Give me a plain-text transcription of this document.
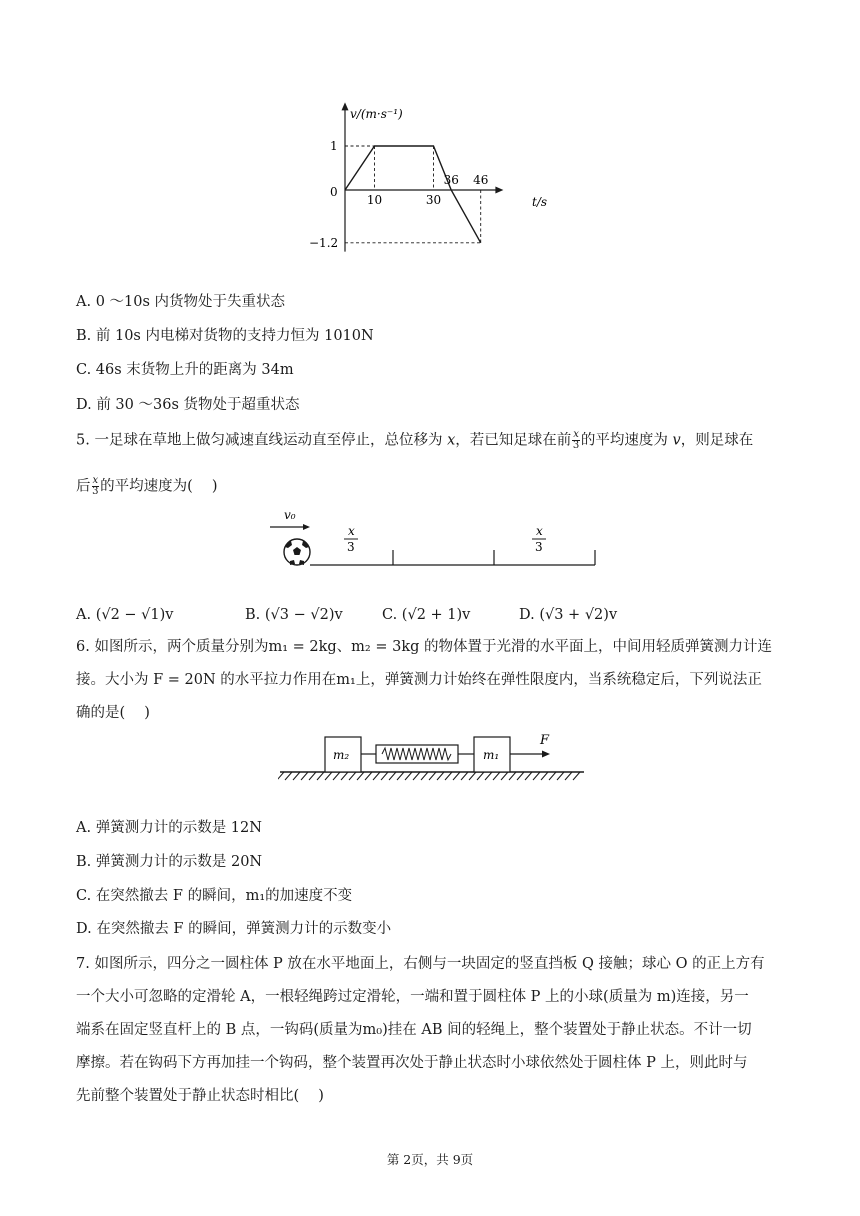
10	30
36 46
1
0
−1.2
v/(m·s⁻¹)
t/s
A. 0 ～10s 内货物处于失重状态
B. 前 10s 内电梯对货物的支持力恒为 1010N
C. 46s 末货物上升的距离为 34m
D. 前 30 ～36s 货物处于超重状态
5. 一足球在草地上做匀减速直线运动直至停止，总位移为 x，若已知足球在前 $\frac{x}{3}$ 的平均速度为 v，则足球在
后 $\frac{x}{3}$ 的平均速度为(　 )
v₀
x
3
x
3
A. (√2 − √1)v	B. (√3 − √2)v	C. (√2 + 1)v	D. (√3 + √2)v
6. 如图所示，两个质量分别为m₁ = 2kg、m₂ = 3kg 的物体置于光滑的水平面上，中间用轻质弹簧测力计连
接。大小为 F = 20N 的水平拉力作用在m₁上，弹簧测力计始终在弹性限度内，当系统稳定后，下列说法正
确的是(　 )
m₂	m₁
F
A. 弹簧测力计的示数是 12N
B. 弹簧测力计的示数是 20N
C. 在突然撤去 F 的瞬间，m₁的加速度不变
D. 在突然撤去 F 的瞬间，弹簧测力计的示数变小
7. 如图所示，四分之一圆柱体 P 放在水平地面上，右侧与一块固定的竖直挡板 Q 接触；球心 O 的正上方有
一个大小可忽略的定滑轮 A，一根轻绳跨过定滑轮，一端和置于圆柱体 P 上的小球(质量为 m)连接，另一
端系在固定竖直杆上的 B 点，一钩码(质量为m₀)挂在 AB 间的轻绳上，整个装置处于静止状态。不计一切
摩擦。若在钩码下方再加挂一个钩码，整个装置再次处于静止状态时小球依然处于圆柱体 P 上，则此时与
先前整个装置处于静止状态时相比(　 )
第 2页，共 9页
